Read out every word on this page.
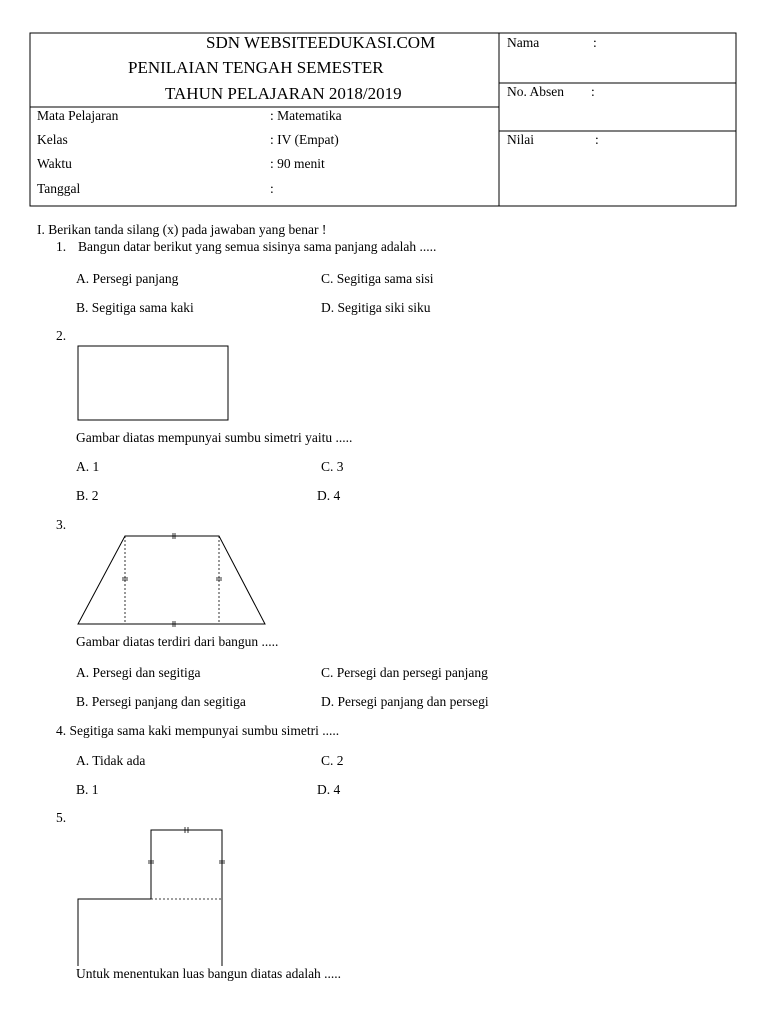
SDN WEBSITEEDUKASI.COM
PENILAIAN TENGAH SEMESTER
TAHUN PELAJARAN 2018/2019
Mata Pelajaran	: Matematika
Kelas	: IV (Empat)
Waktu	: 90 menit
Tanggal	:
Nama	:
No. Absen :
Nilai	:
I. Berikan tanda silang (x) pada jawaban yang benar !
1. Bangun datar berikut yang semua sisinya sama panjang adalah .....
A. Persegi panjang	C. Segitiga sama sisi
B. Segitiga sama kaki	D. Segitiga siki siku
2.
Gambar diatas mempunyai sumbu simetri yaitu .....
A. 1	C. 3
B. 2	D. 4
3.
Gambar diatas terdiri dari bangun .....
A. Persegi dan segitiga	C. Persegi dan persegi panjang
B. Persegi panjang dan segitiga	D. Persegi panjang dan persegi
4. Segitiga sama kaki mempunyai sumbu simetri .....
A. Tidak ada	C. 2
B. 1	D. 4
5.
Untuk menentukan luas bangun diatas adalah .....
